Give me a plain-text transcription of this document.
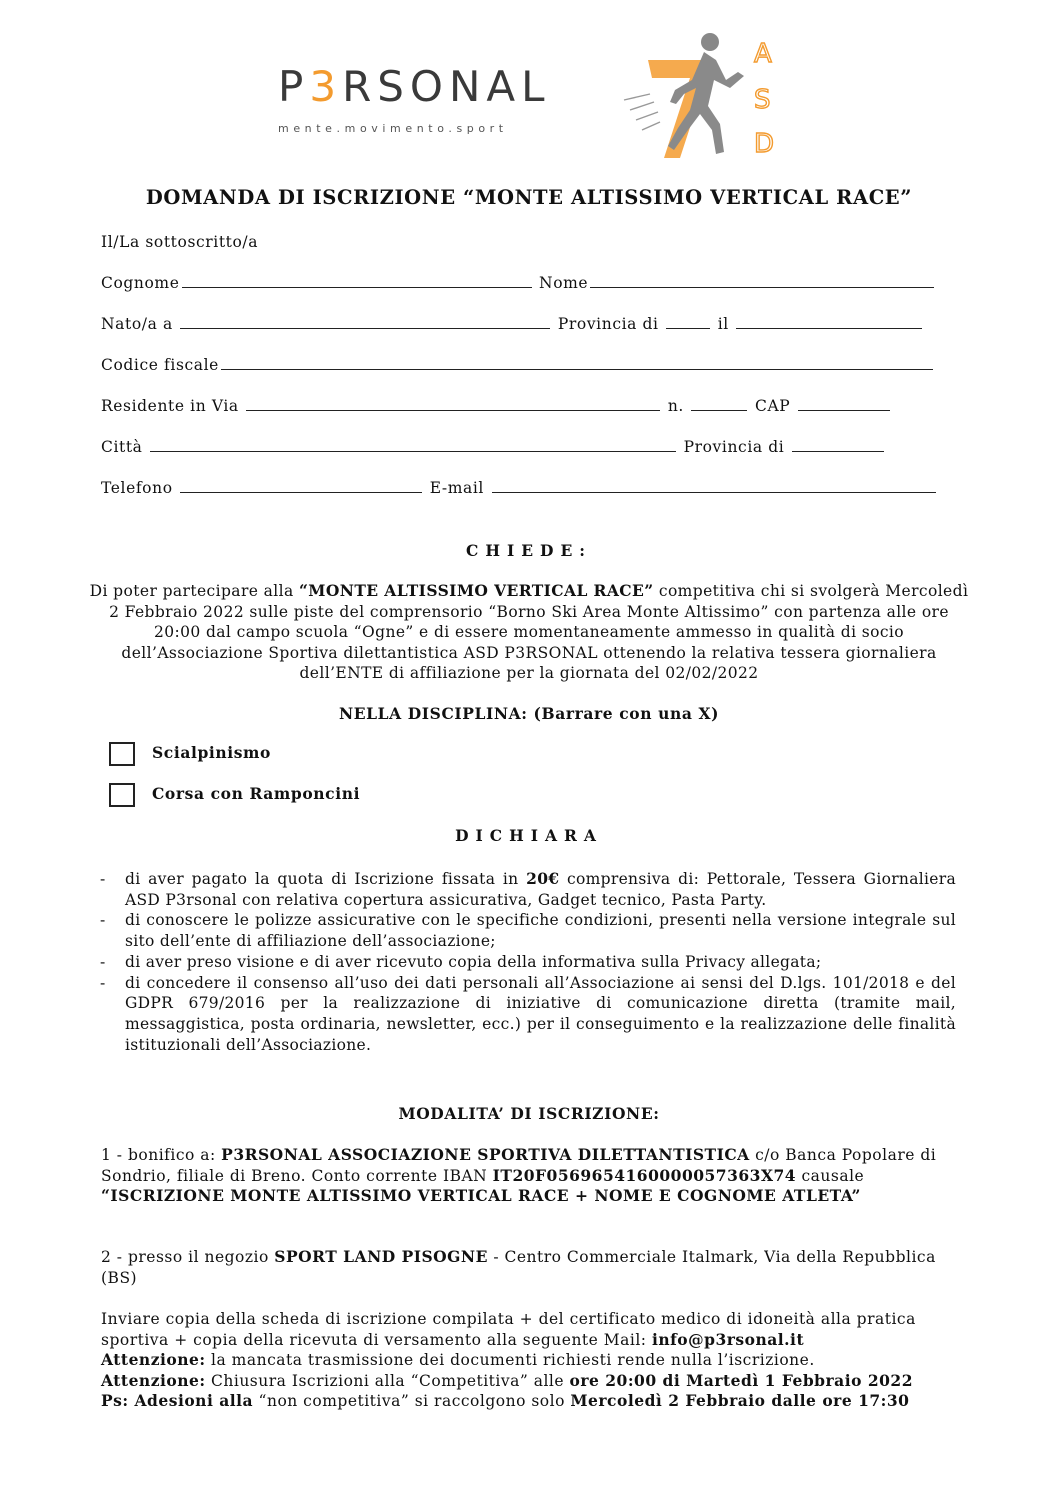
P3RSONAL
mente.movimento.sport
A
S
D
DOMANDA DI ISCRIZIONE “MONTE ALTISSIMO VERTICAL RACE”
Il/La sottoscritto/a
Cognome	Nome
Nato/a a	Provincia di	il
Codice fiscale
Residente in Via	n.	CAP
Città	Provincia di
Telefono	E-mail
CHIEDE:
Di poter partecipare alla “MONTE ALTISSIMO VERTICAL RACE” competitiva chi si svolgerà Mercoledì
2 Febbraio 2022 sulle piste del comprensorio “Borno Ski Area Monte Altissimo” con partenza alle ore
20:00 dal campo scuola “Ogne” e di essere momentaneamente ammesso in qualità di socio
dell’Associazione Sportiva dilettantistica ASD P3RSONAL ottenendo la relativa tessera giornaliera
dell’ENTE di affiliazione per la giornata del 02/02/2022
NELLA DISCIPLINA: (Barrare con una X)
Scialpinismo
Corsa con Ramponcini
DICHIARA
- di aver pagato la quota di Iscrizione fissata in 20€ comprensiva di: Pettorale, Tessera Giornaliera ASD P3rsonal con relativa copertura assicurativa, Gadget tecnico, Pasta Party.
- di conoscere le polizze assicurative con le specifiche condizioni, presenti nella versione integrale sul sito dell’ente di affiliazione dell’associazione;
- di aver preso visione e di aver ricevuto copia della informativa sulla Privacy allegata;
- di concedere il consenso all’uso dei dati personali all’Associazione ai sensi del D.lgs. 101/2018 e del GDPR 679/2016 per la realizzazione di iniziative di comunicazione diretta (tramite mail, messaggistica, posta ordinaria, newsletter, ecc.) per il conseguimento e la realizzazione delle finalità istituzionali dell’Associazione.
MODALITA’ DI ISCRIZIONE:
1 - bonifico a: P3RSONAL ASSOCIAZIONE SPORTIVA DILETTANTISTICA c/o Banca Popolare di Sondrio, filiale di Breno. Conto corrente IBAN IT20F0569654160000057363X74 causale “ISCRIZIONE MONTE ALTISSIMO VERTICAL RACE + NOME E COGNOME ATLETA”
2 - presso il negozio SPORT LAND PISOGNE - Centro Commerciale Italmark, Via della Repubblica (BS)
Inviare copia della scheda di iscrizione compilata + del certificato medico di idoneità alla pratica sportiva + copia della ricevuta di versamento alla seguente Mail: info@p3rsonal.it
Attenzione: la mancata trasmissione dei documenti richiesti rende nulla l’iscrizione.
Attenzione: Chiusura Iscrizioni alla “Competitiva” alle ore 20:00 di Martedì 1 Febbraio 2022
Ps: Adesioni alla “non competitiva” si raccolgono solo Mercoledì 2 Febbraio dalle ore 17:30
